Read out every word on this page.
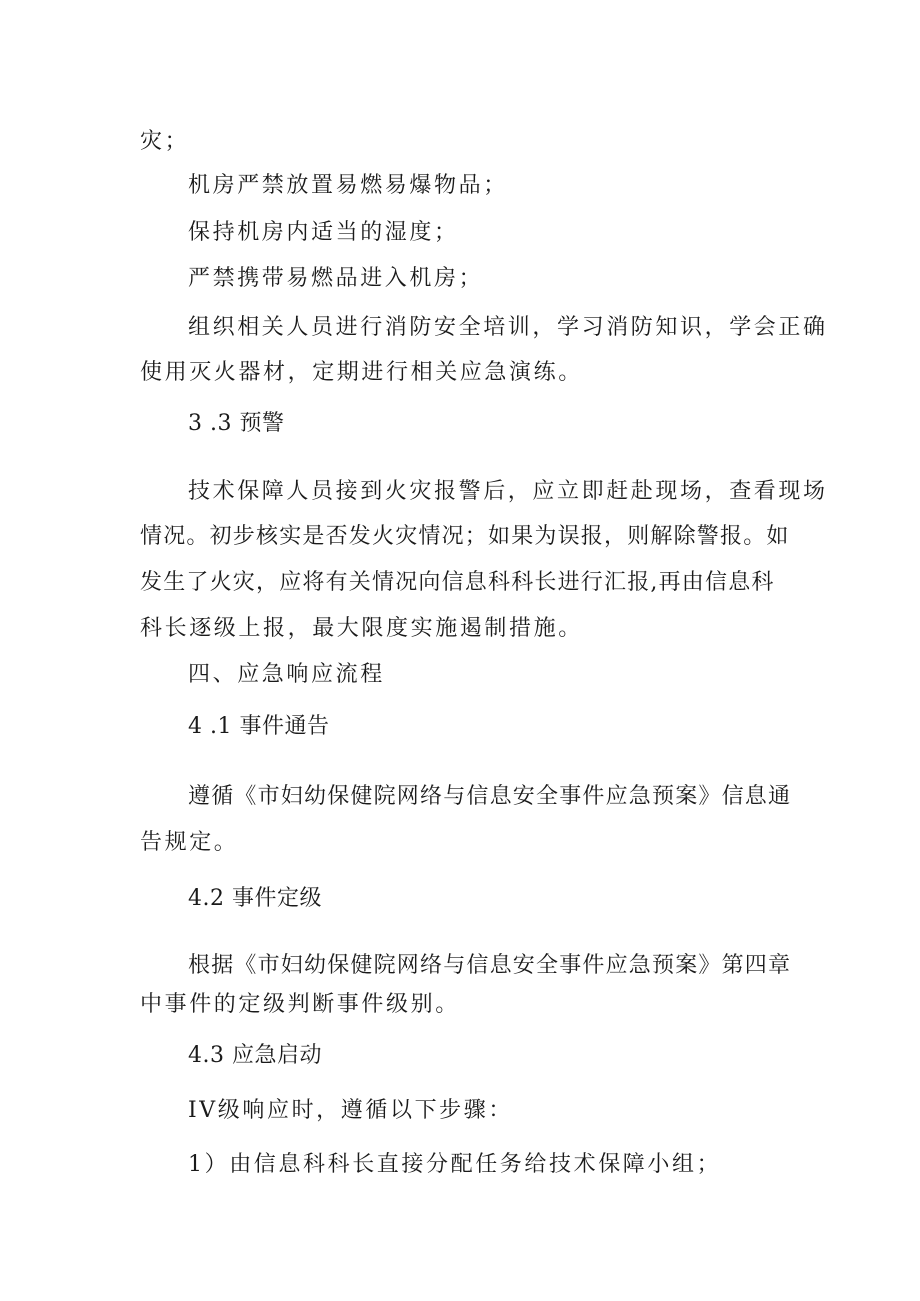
灾；
机房严禁放置易燃易爆物品；
保持机房内适当的湿度；
严禁携带易燃品进入机房；
组织相关人员进行消防安全培训，学习消防知识，学会正确
使用灭火器材，定期进行相关应急演练。
3 .3 预警
技术保障人员接到火灾报警后，应立即赶赴现场，查看现场
情况。初步核实是否发火灾情况；如果为误报，则解除警报。如
发生了火灾，应将有关情况向信息科科长进行汇报,再由信息科
科长逐级上报，最大限度实施遏制措施。
四、应急响应流程
4 .1 事件通告
遵循《市妇幼保健院网络与信息安全事件应急预案》信息通
告规定。
4.2 事件定级
根据《市妇幼保健院网络与信息安全事件应急预案》第四章
中事件的定级判断事件级别。
4.3 应急启动
IV级响应时，遵循以下步骤：
1）由信息科科长直接分配任务给技术保障小组；
